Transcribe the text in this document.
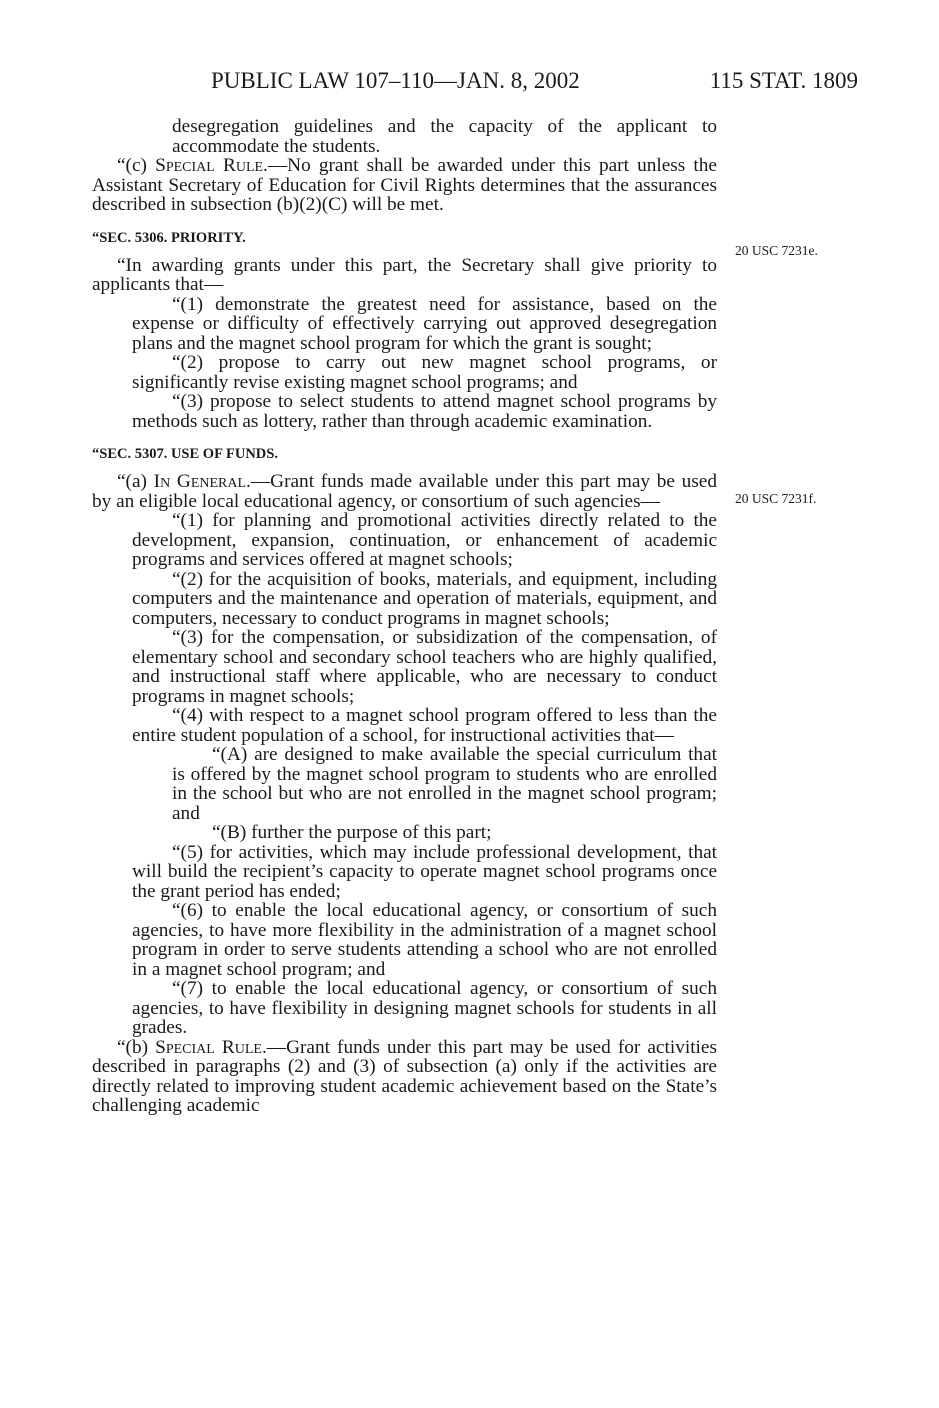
PUBLIC LAW 107–110—JAN. 8, 2002	115 STAT. 1809
20 USC 7231e.
20 USC 7231f.

desegregation guidelines and the capacity of the applicant to accommodate the students.

“(c) Special Rule.—No grant shall be awarded under this part unless the Assistant Secretary of Education for Civil Rights determines that the assurances described in subsection (b)(2)(C) will be met.

“SEC. 5306. PRIORITY.

“In awarding grants under this part, the Secretary shall give priority to applicants that—

“(1) demonstrate the greatest need for assistance, based on the expense or difficulty of effectively carrying out approved desegregation plans and the magnet school program for which the grant is sought;

“(2) propose to carry out new magnet school programs, or significantly revise existing magnet school programs; and

“(3) propose to select students to attend magnet school programs by methods such as lottery, rather than through academic examination.

“SEC. 5307. USE OF FUNDS.

“(a) In General.—Grant funds made available under this part may be used by an eligible local educational agency, or consortium of such agencies—

“(1) for planning and promotional activities directly related to the development, expansion, continuation, or enhancement of academic programs and services offered at magnet schools;

“(2) for the acquisition of books, materials, and equipment, including computers and the maintenance and operation of materials, equipment, and computers, necessary to conduct programs in magnet schools;

“(3) for the compensation, or subsidization of the compensation, of elementary school and secondary school teachers who are highly qualified, and instructional staff where applicable, who are necessary to conduct programs in magnet schools;

“(4) with respect to a magnet school program offered to less than the entire student population of a school, for instructional activities that—

“(A) are designed to make available the special curriculum that is offered by the magnet school program to students who are enrolled in the school but who are not enrolled in the magnet school program; and

“(B) further the purpose of this part;

“(5) for activities, which may include professional development, that will build the recipient’s capacity to operate magnet school programs once the grant period has ended;

“(6) to enable the local educational agency, or consortium of such agencies, to have more flexibility in the administration of a magnet school program in order to serve students attending a school who are not enrolled in a magnet school program; and

“(7) to enable the local educational agency, or consortium of such agencies, to have flexibility in designing magnet schools for students in all grades.

“(b) Special Rule.—Grant funds under this part may be used for activities described in paragraphs (2) and (3) of subsection (a) only if the activities are directly related to improving student academic achievement based on the State’s challenging academic
